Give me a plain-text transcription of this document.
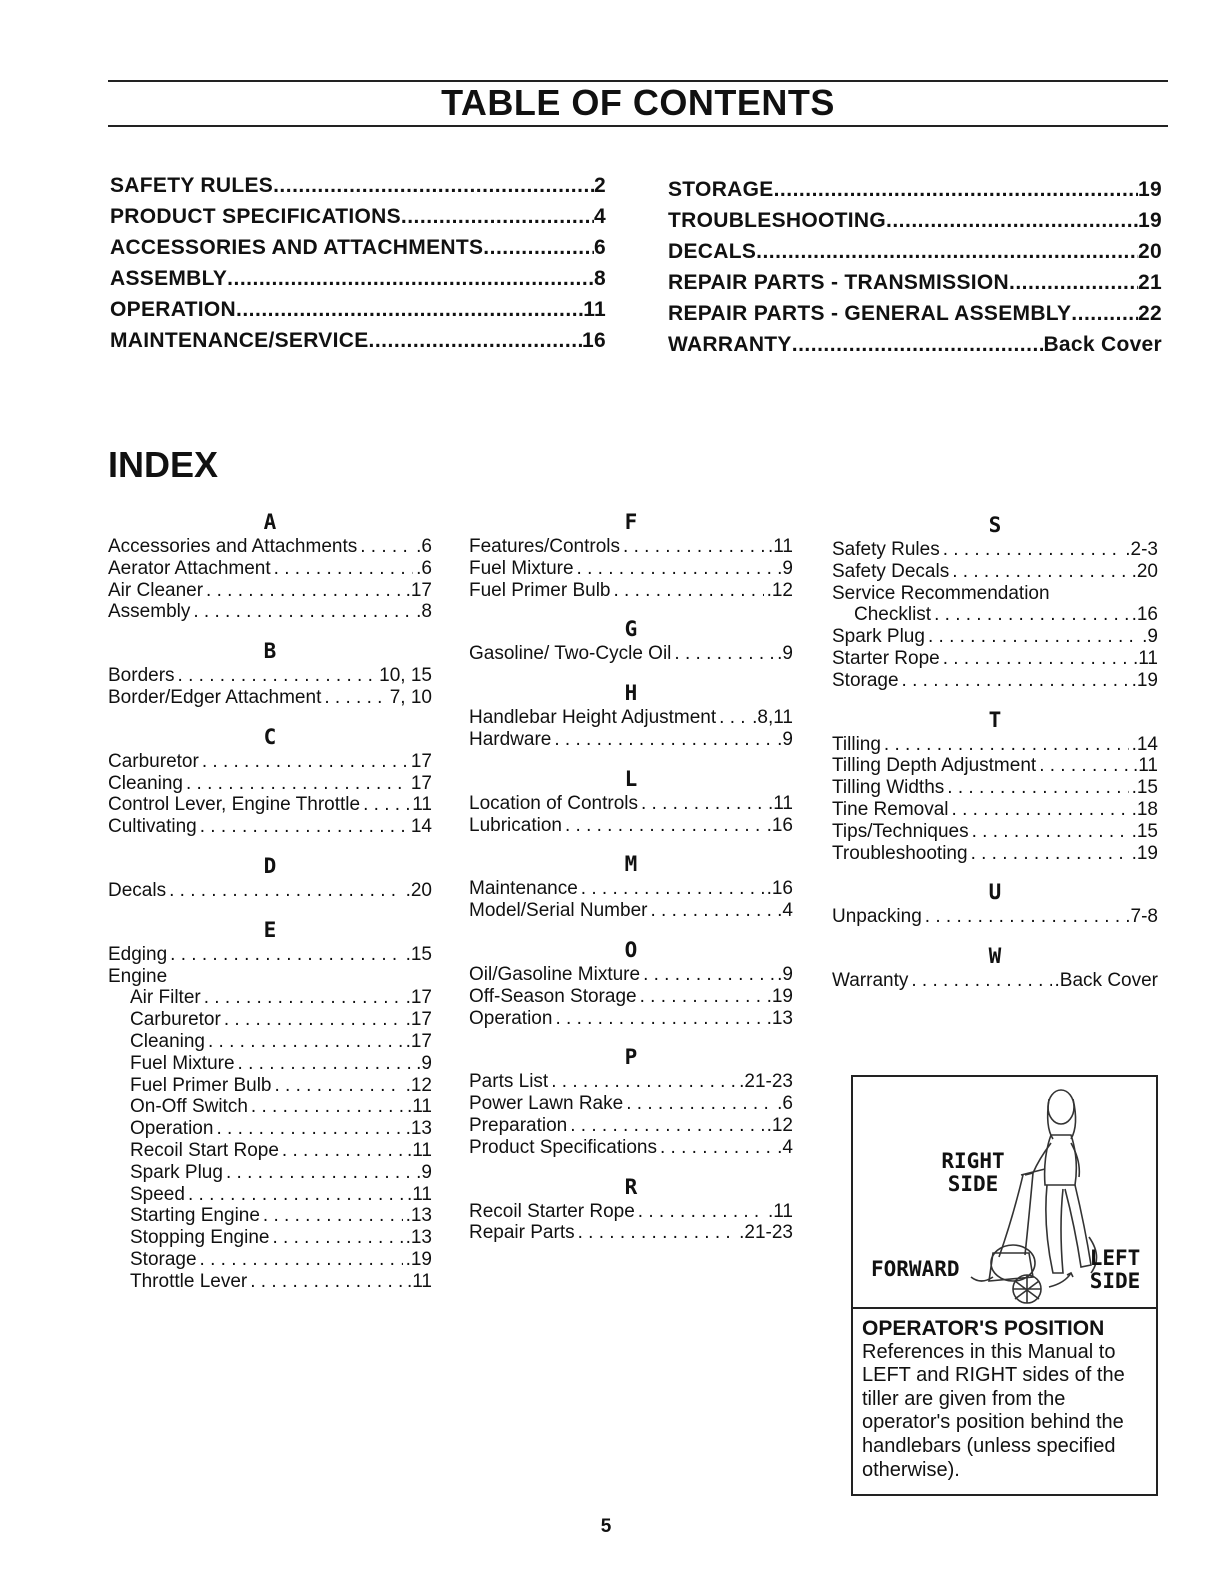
TABLE OF CONTENTS
SAFETY RULES .....	2
PRODUCT SPECIFICATIONS .....	4
ACCESSORIES AND ATTACHMENTS .....	6
ASSEMBLY .....	8
OPERATION .....	11
MAINTENANCE/SERVICE .....	16
STORAGE .....	19
TROUBLESHOOTING .....	19
DECALS .....	20
REPAIR PARTS - TRANSMISSION .....	21
REPAIR PARTS - GENERAL ASSEMBLY .....	22
WARRANTY .....	Back Cover
INDEX
A
Accessories and Attachments . . .	.6
Aerator Attachment . . .	.6
Air Cleaner . . .	.17
Assembly . . .	.8
B
Borders . . .	10, 15
Border/Edger Attachment . . .	7, 10
C
Carburetor . . .	17
Cleaning . . .	17
Control Lever, Engine Throttle . . .	11
Cultivating . . .	14
D
Decals . . .	.20
E
Edging . . .	.15
Engine
Air Filter . . .	.17
Carburetor . . .	.17
Cleaning . . .	.17
Fuel Mixture . . .	.9
Fuel Primer Bulb . . .	.12
On-Off Switch . . .	.11
Operation . . .	.13
Recoil Start Rope . . .	.11
Spark Plug . . .	.9
Speed . . .	.11
Starting Engine . . .	.13
Stopping Engine . . .	.13
Storage . . .	.19
Throttle Lever . . .	.11
F
Features/Controls . . .	.11
Fuel Mixture . . .	.9
Fuel Primer Bulb . . .	.12
G
Gasoline/ Two-Cycle Oil . . .	.9
H
Handlebar Height Adjustment . . . .8,11
Hardware . . .	.9
L
Location of Controls . . .	.11
Lubrication . . .	.16
M
Maintenance . . .	.16
Model/Serial Number . . .	.4
O
Oil/Gasoline Mixture . . .	.9
Off-Season Storage . . .	.19
Operation . . .	.13
P
Parts List . . .	.21-23
Power Lawn Rake . . .	.6
Preparation . . .	.12
Product Specifications . . .	.4
R
Recoil Starter Rope . . .	.11
Repair Parts . . .	.21-23
S
Safety Rules . . .	.2-3
Safety Decals . . .	.20
Service Recommendation
Checklist . . .	.16
Spark Plug . . .	.9
Starter Rope . . .	.11
Storage . . .	.19
T
Tilling . . .	.14
Tilling Depth Adjustment . . .	.11
Tilling Widths . . .	.15
Tine Removal . . .	.18
Tips/Techniques . . .	.15
Troubleshooting . . .	.19
U
Unpacking . . .	.7-8
W
Warranty . . .	.Back Cover
RIGHT
SIDE
FORWARD	LEFT
SIDE
OPERATOR'S POSITION
References in this Manual to LEFT and RIGHT sides of the tiller are given from the operator's position behind the handlebars (unless specified otherwise).
5
